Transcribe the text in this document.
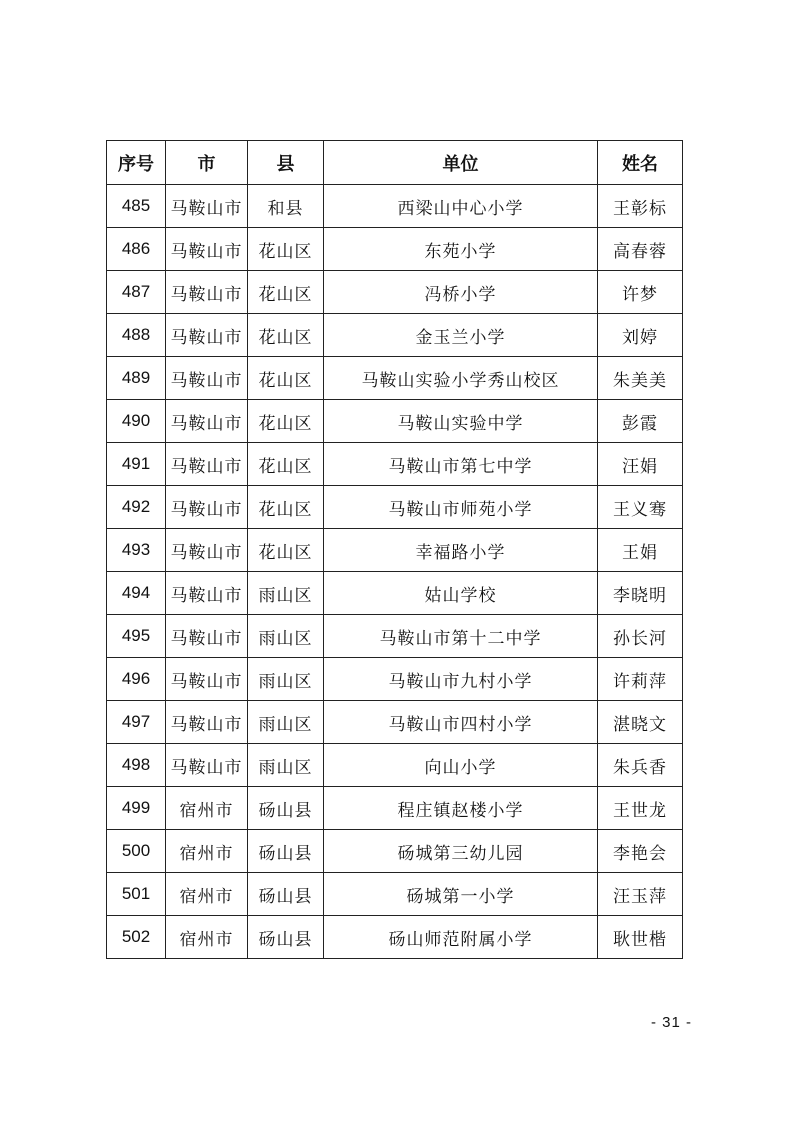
序号	市	县	单位	姓名
485	马鞍山市	和县	西梁山中心小学	王彰标
486	马鞍山市	花山区	东苑小学	高春蓉
487	马鞍山市	花山区	冯桥小学	许梦
488	马鞍山市	花山区	金玉兰小学	刘婷
489	马鞍山市	花山区	马鞍山实验小学秀山校区	朱美美
490	马鞍山市	花山区	马鞍山实验中学	彭霞
491	马鞍山市	花山区	马鞍山市第七中学	汪娟
492	马鞍山市	花山区	马鞍山市师苑小学	王义骞
493	马鞍山市	花山区	幸福路小学	王娟
494	马鞍山市	雨山区	姑山学校	李晓明
495	马鞍山市	雨山区	马鞍山市第十二中学	孙长河
496	马鞍山市	雨山区	马鞍山市九村小学	许莉萍
497	马鞍山市	雨山区	马鞍山市四村小学	湛晓文
498	马鞍山市	雨山区	向山小学	朱兵香
499	宿州市	砀山县	程庄镇赵楼小学	王世龙
500	宿州市	砀山县	砀城第三幼儿园	李艳会
501	宿州市	砀山县	砀城第一小学	汪玉萍
502	宿州市	砀山县	砀山师范附属小学	耿世楷
- 31 -
